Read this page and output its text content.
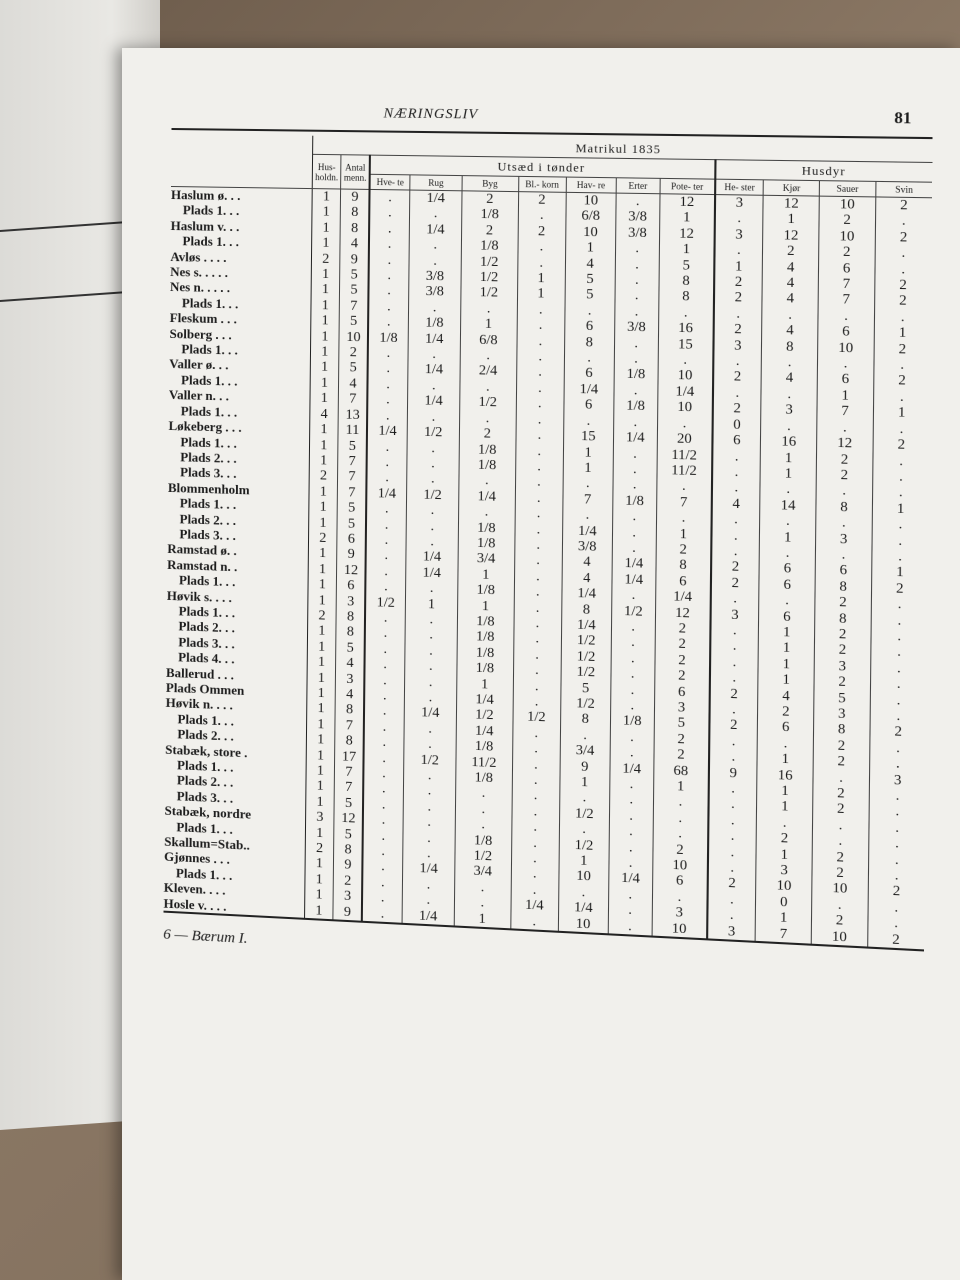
NÆRINGSLIV	81
	Matrikul 1835												
	Hus- holdn.	Antal menn.	Utsæd i tønder							Husdyr			
			Hve- te	Rug	Byg	Bl.- korn	Hav- re	Erter	Pote- ter	He- ster	Kjør	Sauer	Svin
Haslum ø. . .	1	9	.	1/4	2	2	10	.	12	3	12	10	2
Plads 1. . .	1	8	.	.	1/8	.	6/8	3/8	1	.	1	2	.
Haslum v. . .	1	8	.	1/4	2	2	10	3/8	12	3	12	10	2
Plads 1. . .	1	4	.	.	1/8	.	1	.	1	.	2	2	.
Avløs . . . .	2	9	.	.	1/2	.	4	.	5	1	4	6	.
Nes s. . . . .	1	5	.	3/8	1/2	1	5	.	8	2	4	7	2
Nes n. . . . .	1	5	.	3/8	1/2	1	5	.	8	2	4	7	2
Plads 1. . .	1	7	.	.	.	.	.	.	.	.	.	.	.
Fleskum . . .	1	5	.	1/8	1	.	6	3/8	16	2	4	6	1
Solberg . . .	1	10	1/8	1/4	6/8	.	8	.	15	3	8	10	2
Plads 1. . .	1	2	.	.	.	.	.	.	.	.	.	.	.
Valler ø. . .	1	5	.	1/4	2/4	.	6	1/8	10	2	4	6	2
Plads 1. . .	1	4	.	.	.	.	1/4	.	1/4	.	.	1	.
Valler n. . .	1	7	.	1/4	1/2	.	6	1/8	10	2	3	7	1
Plads 1. . .	4	13	.	.	.	.	.	.	.	0	.	.	.
Løkeberg . . .	1	11	1/4	1/2	2	.	15	1/4	20	6	16	12	2
Plads 1. . .	1	5	.	.	1/8	.	1	.	11/2	.	1	2	.
Plads 2. . .	1	7	.	.	1/8	.	1	.	11/2	.	1	2	.
Plads 3. . .	2	7	.	.	.	.	.	.	.	.	.	.	.
Blommenholm	1	7	1/4	1/2	1/4	.	7	1/8	7	4	14	8	1
Plads 1. . .	1	5	.	.	.	.	.	.	.	.	.	.	.
Plads 2. . .	1	5	.	.	1/8	.	1/4	.	1	.	1	3	.
Plads 3. . .	2	6	.	.	1/8	.	3/8	.	2	.	.	.	.
Ramstad ø. .	1	9	.	1/4	3/4	.	4	1/4	8	2	6	6	1
Ramstad n. .	1	12	.	1/4	1	.	4	1/4	6	2	6	8	2
Plads 1. . .	1	6	.	.	1/8	.	1/4	.	1/4	.	.	2	.
Høvik s. . . .	1	3	1/2	1	1	.	8	1/2	12	3	6	8	.
Plads 1. . .	2	8	.	.	1/8	.	1/4	.	2	.	1	2	.
Plads 2. . .	1	8	.	.	1/8	.	1/2	.	2	.	1	2	.
Plads 3. . .	1	5	.	.	1/8	.	1/2	.	2	.	1	3	.
Plads 4. . .	1	4	.	.	1/8	.	1/2	.	2	.	1	2	.
Ballerud . . .	1	3	.	.	1	.	5	.	6	2	4	5	.
Plads Ommen	1	4	.	.	1/4	.	1/2	.	3	.	2	3	.
Høvik n. . . .	1	8	.	1/4	1/2	1/2	8	1/8	5	2	6	8	2
Plads 1. . .	1	7	.	.	1/4	.	.	.	2	.	.	2	.
Plads 2. . .	1	8	.	.	1/8	.	3/4	.	2	.	1	2	.
Stabæk, store .	1	17	.	1/2	11/2	.	9	1/4	68	9	16	.	3
Plads 1. . .	1	7	.	.	1/8	.	1	.	1	.	1	2	.
Plads 2. . .	1	7	.	.	.	.	.	.	.	.	1	2	.
Plads 3. . .	1	5	.	.	.	.	1/2	.	.	.	.	.	.
Stabæk, nordre	3	12	.	.	.	.	.	.	.	.	2	.	.
Plads 1. . .	1	5	.	.	1/8	.	1/2	.	2	.	1	2	.
Skallum=Stab..	2	8	.	.	1/2	.	1	.	10	.	3	2	.
Gjønnes . . .	1	9	.	1/4	3/4	.	10	1/4	6	2	10	10	2
Plads 1. . .	1	2	.	.	.	.	.	.	.	.	0	.	.
Kleven. . . .	1	3	.	.	.	1/4	1/4	.	3	.	1	2	.
Hosle v. . . .	1	9	.	1/4	1	.	10	.	10	3	7	10	2
6 — Bærum I.
